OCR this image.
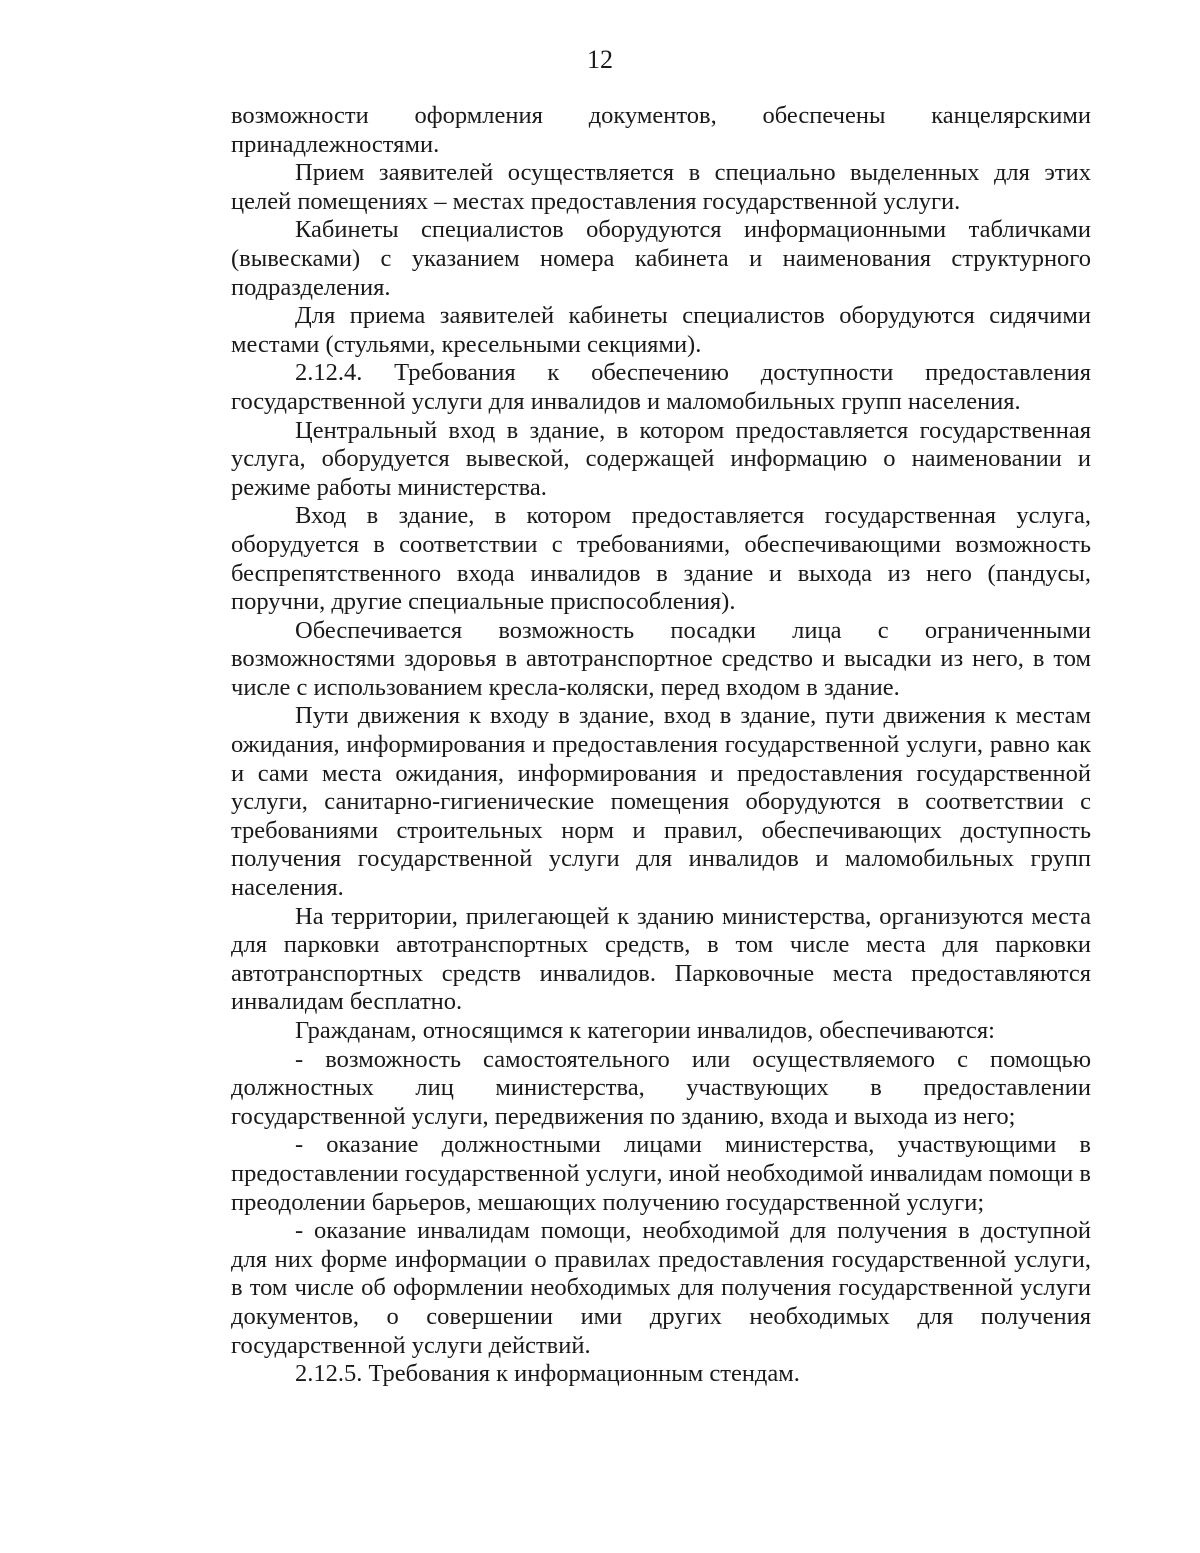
12

возможности оформления документов, обеспечены канцелярскими принадлежностями.

Прием заявителей осуществляется в специально выделенных для этих целей помещениях – местах предоставления государственной услуги.

Кабинеты специалистов оборудуются информационными табличками (вывесками) с указанием номера кабинета и наименования структурного подразделения.

Для приема заявителей кабинеты специалистов оборудуются сидячими местами (стульями, кресельными секциями).

2.12.4. Требования к обеспечению доступности предоставления государственной услуги для инвалидов и маломобильных групп населения.

Центральный вход в здание, в котором предоставляется государственная услуга, оборудуется вывеской, содержащей информацию о наименовании и режиме работы министерства.

Вход в здание, в котором предоставляется государственная услуга, оборудуется в соответствии с требованиями, обеспечивающими возможность беспрепятственного входа инвалидов в здание и выхода из него (пандусы, поручни, другие специальные приспособления).

Обеспечивается возможность посадки лица с ограниченными возможностями здоровья в автотранспортное средство и высадки из него, в том числе с использованием кресла-коляски, перед входом в здание.

Пути движения к входу в здание, вход в здание, пути движения к местам ожидания, информирования и предоставления государственной услуги, равно как и сами места ожидания, информирования и предоставления государственной услуги, санитарно-гигиенические помещения оборудуются в соответствии с требованиями строительных норм и правил, обеспечивающих доступность получения государственной услуги для инвалидов и маломобильных групп населения.

На территории, прилегающей к зданию министерства, организуются места для парковки автотранспортных средств, в том числе места для парковки автотранспортных средств инвалидов. Парковочные места предоставляются инвалидам бесплатно.

Гражданам, относящимся к категории инвалидов, обеспечиваются:

- возможность самостоятельного или осуществляемого с помощью должностных лиц министерства, участвующих в предоставлении государственной услуги, передвижения по зданию, входа и выхода из него;

- оказание должностными лицами министерства, участвующими в предоставлении государственной услуги, иной необходимой инвалидам помощи в преодолении барьеров, мешающих получению государственной услуги;

- оказание инвалидам помощи, необходимой для получения в доступной для них форме информации о правилах предоставления государственной услуги, в том числе об оформлении необходимых для получения государственной услуги документов, о совершении ими других необходимых для получения государственной услуги действий.

2.12.5. Требования к информационным стендам.
